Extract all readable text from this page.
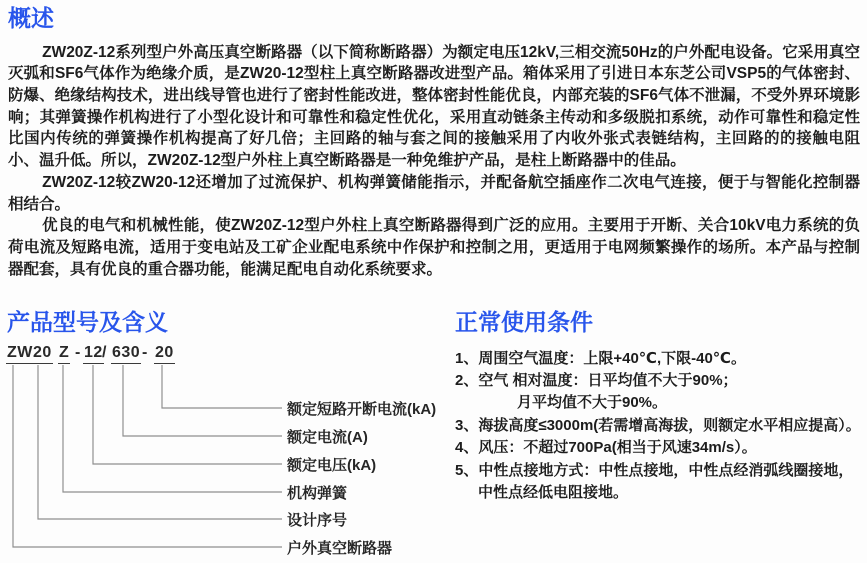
概述

ZW20Z-12系列型户外高压真空断路器（以下简称断路器）为额定电压12kV,三相交流50Hz的户外配电设备。它采用真空灭弧和SF6气体作为绝缘介质，是ZW20-12型柱上真空断路器改进型产品。箱体采用了引进日本东芝公司VSP5的气体密封、防爆、绝缘结构技术，进出线导管也进行了密封性能改进，整体密封性能优良，内部充装的SF6气体不泄漏，不受外界环境影响；其弹簧操作机构进行了小型化设计和可靠性和稳定性优化，采用直动链条主传动和多级脱扣系统，动作可靠性和稳定性比国内传统的弹簧操作机构提高了好几倍；主回路的轴与套之间的接触采用了内收外张式表链结构，主回路的的接触电阻小、温升低。所以，ZW20Z-12型户外柱上真空断路器是一种免维护产品，是柱上断路器中的佳品。

ZW20Z-12较ZW20-12还增加了过流保护、机构弹簧储能指示，并配备航空插座作二次电气连接，便于与智能化控制器相结合。

优良的电气和机械性能，使ZW20Z-12型户外柱上真空断路器得到广泛的应用。主要用于开断、关合10kV电力系统的负荷电流及短路电流，适用于变电站及工矿企业配电系统中作保护和控制之用，更适用于电网频繁操作的场所。本产品与控制器配套，具有优良的重合器功能，能满足配电自动化系统要求。

产品型号及含义
ZW 20 Z - 12 / 630 - 20
额定短路开断电流(kA)
额定电流(A)
额定电压(kA)
机构弹簧
设计序号
户外真空断路器
正常使用条件
1、周围空气温度：上限+40℃,下限-40℃。
2、空气 相对温度：日平均值不大于90%；
月平均值不大于90%。
3、海拔高度≤3000m(若需增高海拔，则额定水平相应提高）。
4、风压：不超过700Pa(相当于风速34m/s）。
5、中性点接地方式：中性点接地，中性点经消弧线圈接地，
中性点经低电阻接地。
